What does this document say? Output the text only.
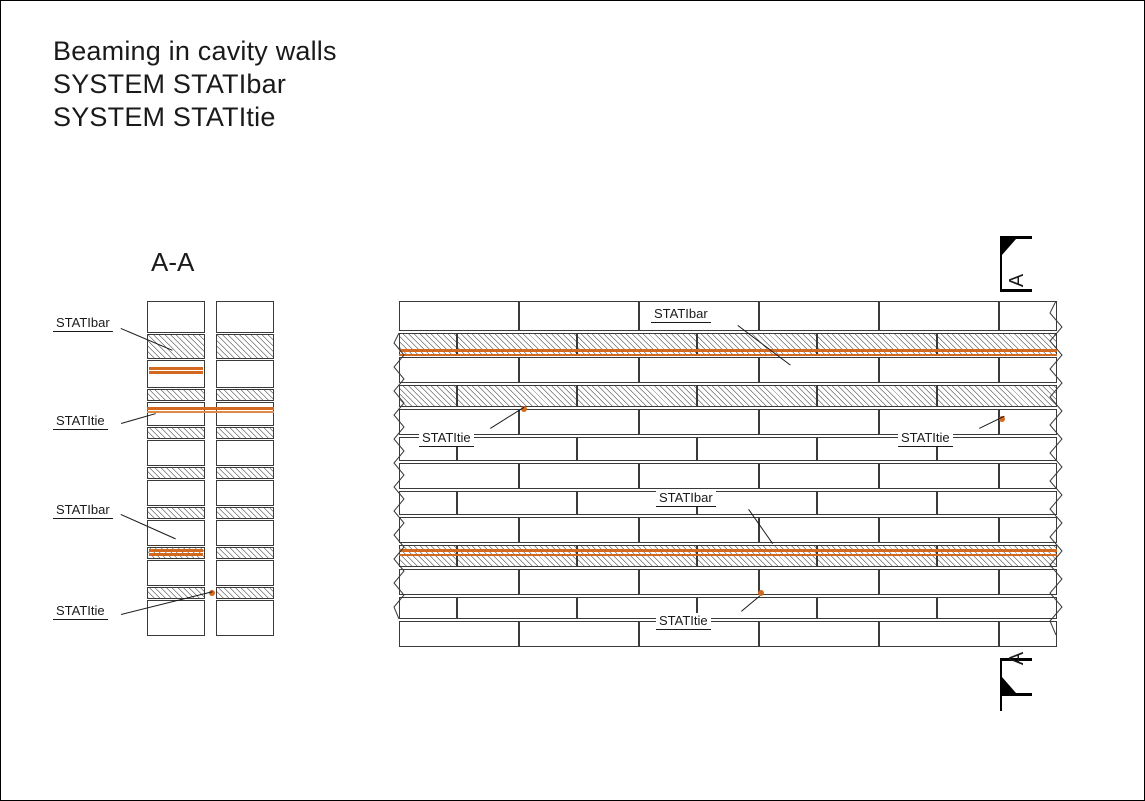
Beaming in cavity walls
SYSTEM STATIbar
SYSTEM STATItie
A-A
STATIbar
STATItie
STATIbar
STATItie
STATIbar
STATItie	STATItie
STATIbar
STATItie
A
A
